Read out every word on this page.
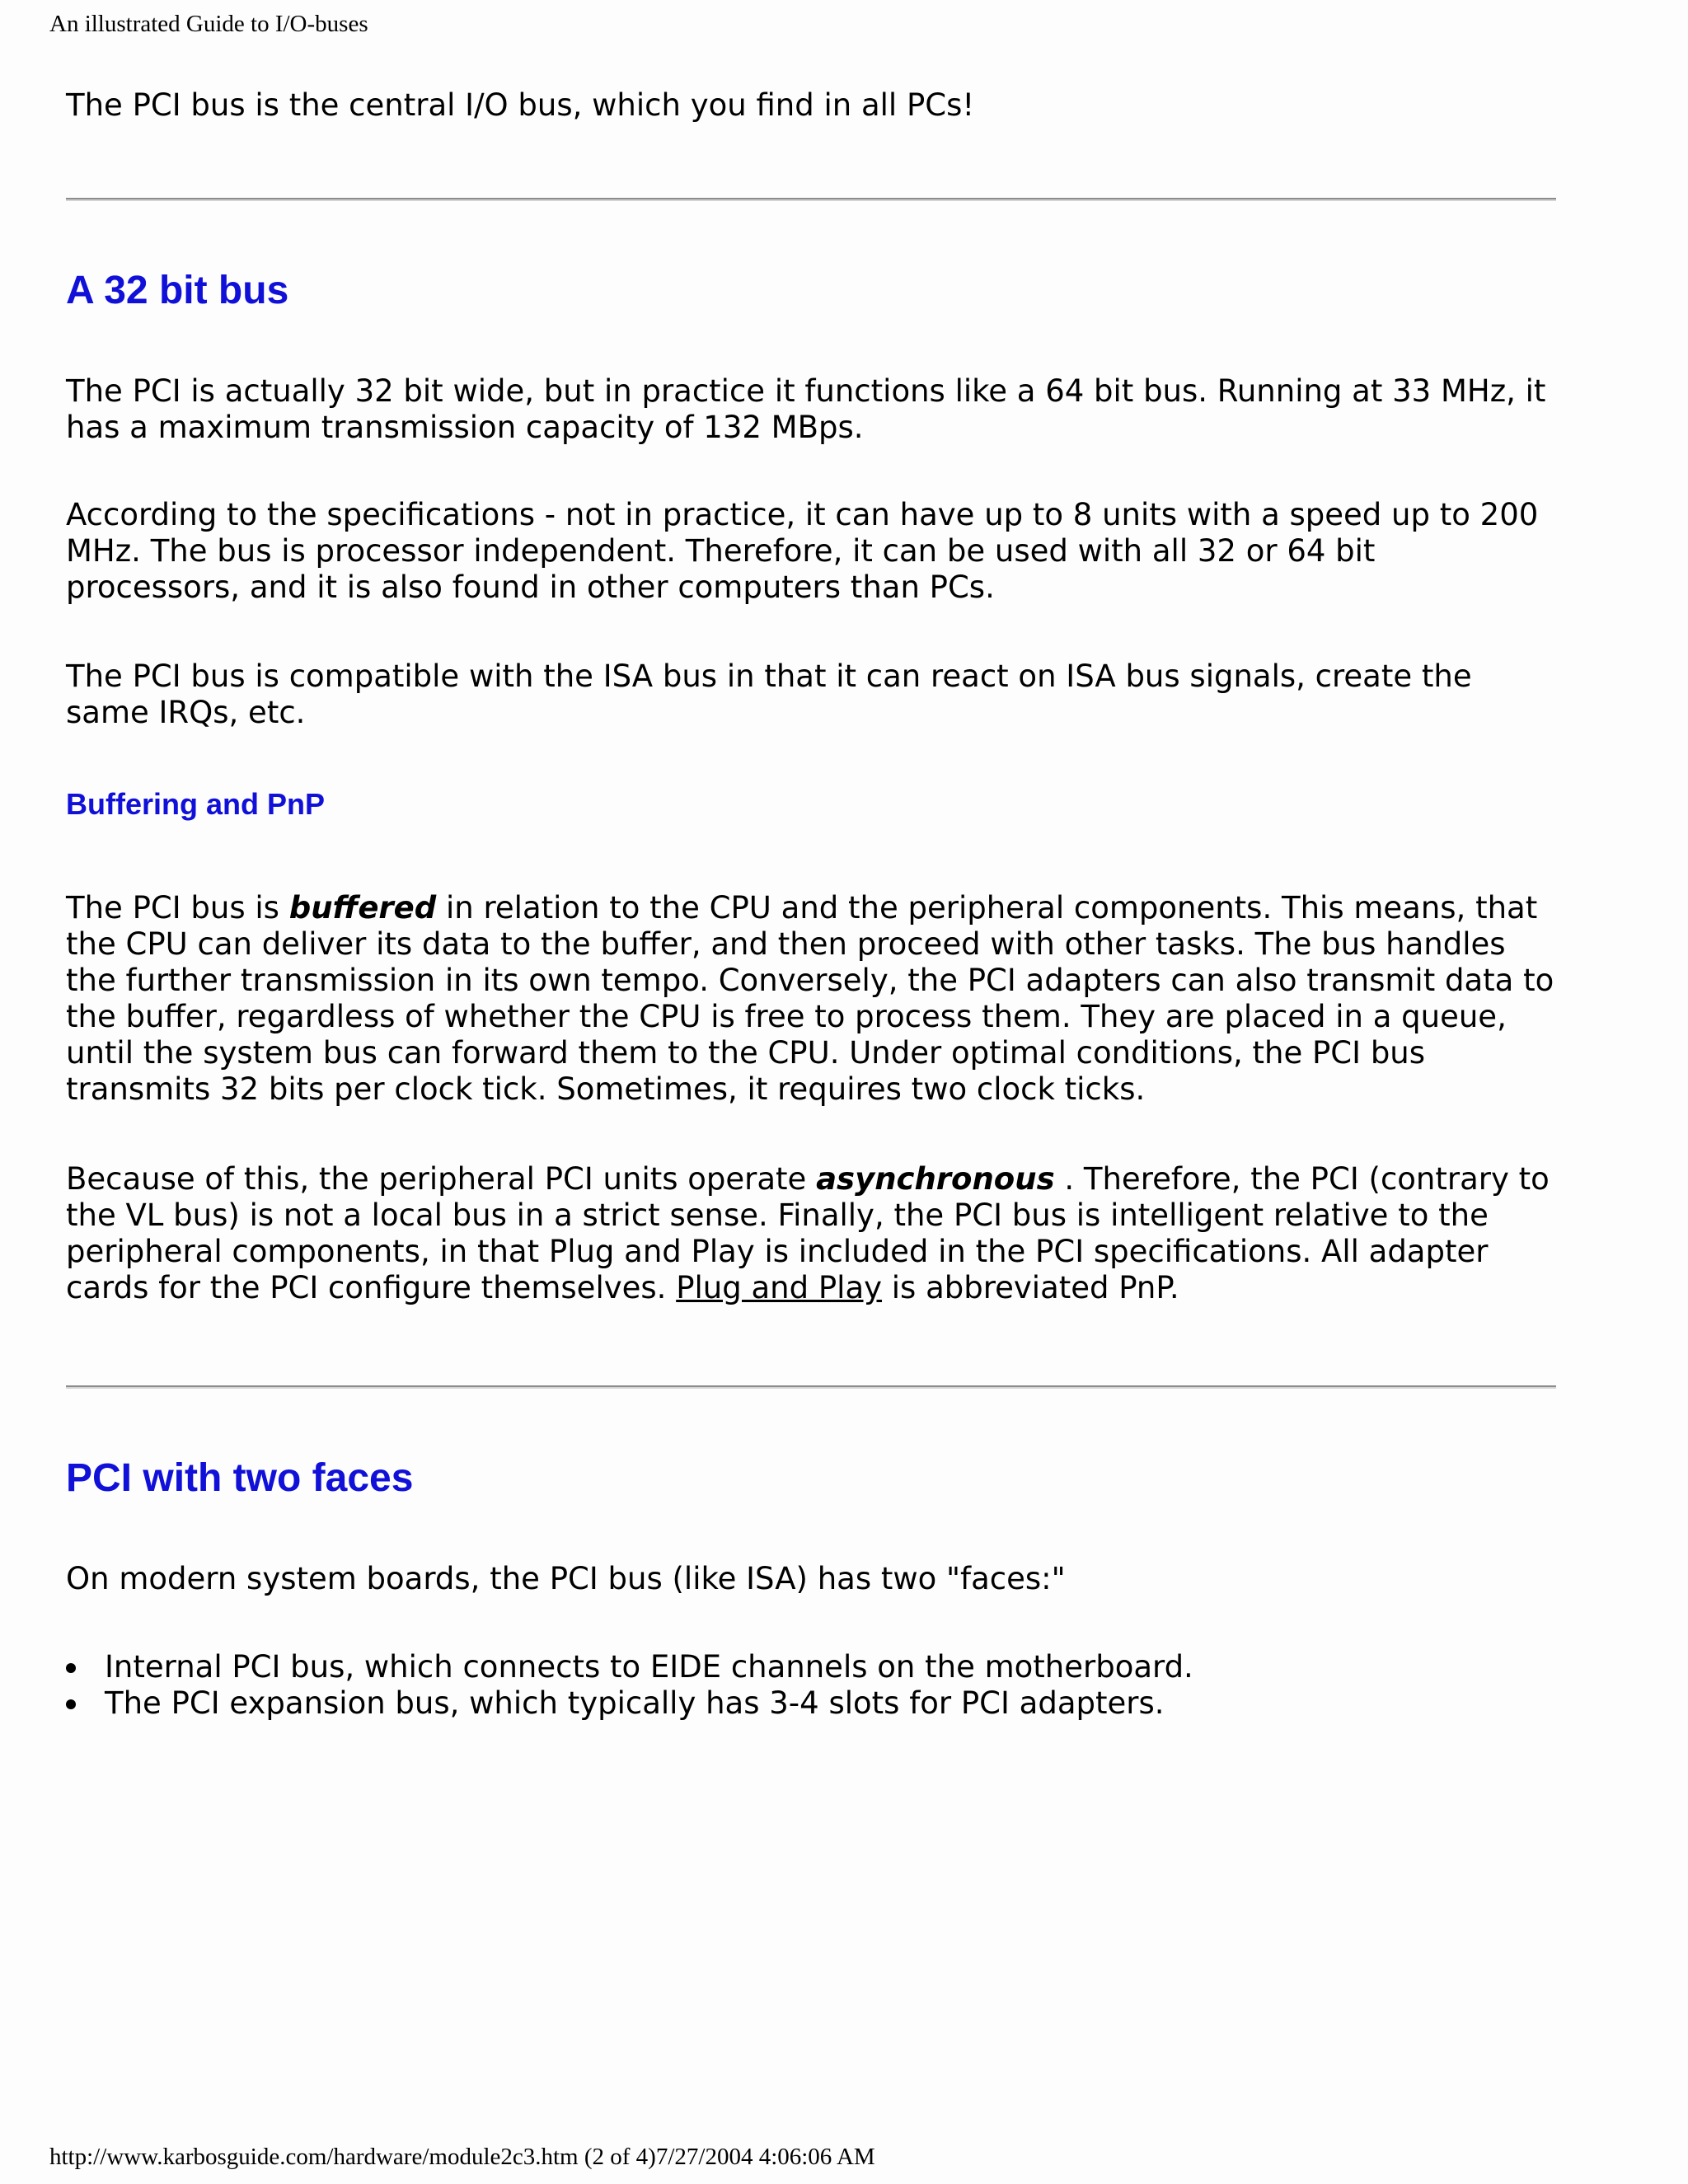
An illustrated Guide to I/O-buses

The PCI bus is the central I/O bus, which you find in all PCs!

A 32 bit bus

The PCI is actually 32 bit wide, but in practice it functions like a 64 bit bus. Running at 33 MHz, it has a maximum transmission capacity of 132 MBps.

According to the specifications - not in practice, it can have up to 8 units with a speed up to 200 MHz. The bus is processor independent. Therefore, it can be used with all 32 or 64 bit processors, and it is also found in other computers than PCs.

The PCI bus is compatible with the ISA bus in that it can react on ISA bus signals, create the same IRQs, etc.

Buffering and PnP

The PCI bus is buffered in relation to the CPU and the peripheral components. This means, that the CPU can deliver its data to the buffer, and then proceed with other tasks. The bus handles the further transmission in its own tempo. Conversely, the PCI adapters can also transmit data to the buffer, regardless of whether the CPU is free to process them. They are placed in a queue, until the system bus can forward them to the CPU. Under optimal conditions, the PCI bus transmits 32 bits per clock tick. Sometimes, it requires two clock ticks.

Because of this, the peripheral PCI units operate asynchronous . Therefore, the PCI (contrary to the VL bus) is not a local bus in a strict sense. Finally, the PCI bus is intelligent relative to the peripheral components, in that Plug and Play is included in the PCI specifications. All adapter cards for the PCI configure themselves. Plug and Play is abbreviated PnP.

PCI with two faces

On modern system boards, the PCI bus (like ISA) has two "faces:"

Internal PCI bus, which connects to EIDE channels on the motherboard.
The PCI expansion bus, which typically has 3-4 slots for PCI adapters.
http://www.karbosguide.com/hardware/module2c3.htm (2 of 4)7/27/2004 4:06:06 AM
